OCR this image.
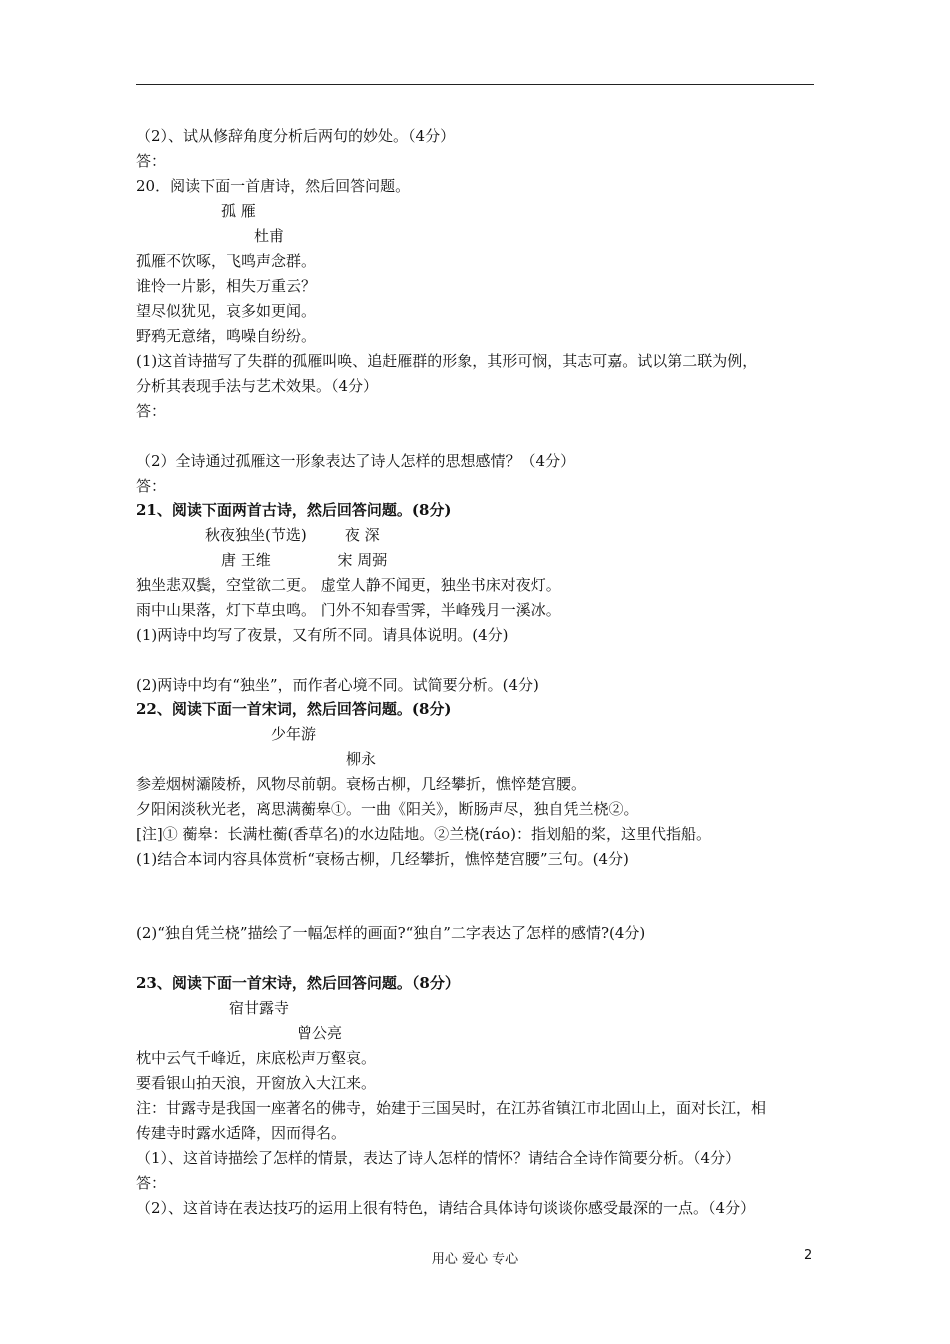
（2）、试从修辞角度分析后两句的妙处。（4分）
答：
20．阅读下面一首唐诗，然后回答问题。
孤 雁
杜甫
孤雁不饮啄，飞鸣声念群。
谁怜一片影，相失万重云？
望尽似犹见，哀多如更闻。
野鸦无意绪，鸣噪自纷纷。
(1)这首诗描写了失群的孤雁叫唤、追赶雁群的形象，其形可悯，其志可嘉。试以第二联为例，
分析其表现手法与艺术效果。（4分）
答：
（2）全诗通过孤雁这一形象表达了诗人怎样的思想感情？（4分）
答：
21、阅读下面两首古诗，然后回答问题。(8分)
秋夜独坐(节选)        夜 深
唐 王维              宋 周弼
独坐悲双鬓，空堂欲二更。 虚堂人静不闻更，独坐书床对夜灯。
雨中山果落，灯下草虫鸣。 门外不知春雪霁，半峰残月一溪冰。
(1)两诗中均写了夜景，又有所不同。请具体说明。(4分)
(2)两诗中均有“独坐”，而作者心境不同。试简要分析。(4分)
22、阅读下面一首宋词，然后回答问题。(8分)
少年游
柳永
参差烟树灞陵桥，风物尽前朝。衰杨古柳，几经攀折，憔悴楚宫腰。
夕阳闲淡秋光老，离思满蘅皋①。一曲《阳关》，断肠声尽，独自凭兰桡②。
[注]① 蘅皋：长满杜蘅(香草名)的水边陆地。②兰桡(ráo)：指划船的桨，这里代指船。
(1)结合本词内容具体赏析“衰杨古柳，几经攀折，憔悴楚宫腰”三句。(4分)
(2)“独自凭兰桡”描绘了一幅怎样的画面?“独自”二字表达了怎样的感情?(4分)
23、阅读下面一首宋诗，然后回答问题。（8分）
宿甘露寺
曾公亮
枕中云气千峰近，床底松声万壑哀。
要看银山拍天浪，开窗放入大江来。
注：甘露寺是我国一座著名的佛寺，始建于三国吴时，在江苏省镇江市北固山上，面对长江，相
传建寺时露水适降，因而得名。
（1）、这首诗描绘了怎样的情景，表达了诗人怎样的情怀？请结合全诗作简要分析。（4分）
答：
（2）、这首诗在表达技巧的运用上很有特色，请结合具体诗句谈谈你感受最深的一点。（4分）
用心 爱心 专心	2
